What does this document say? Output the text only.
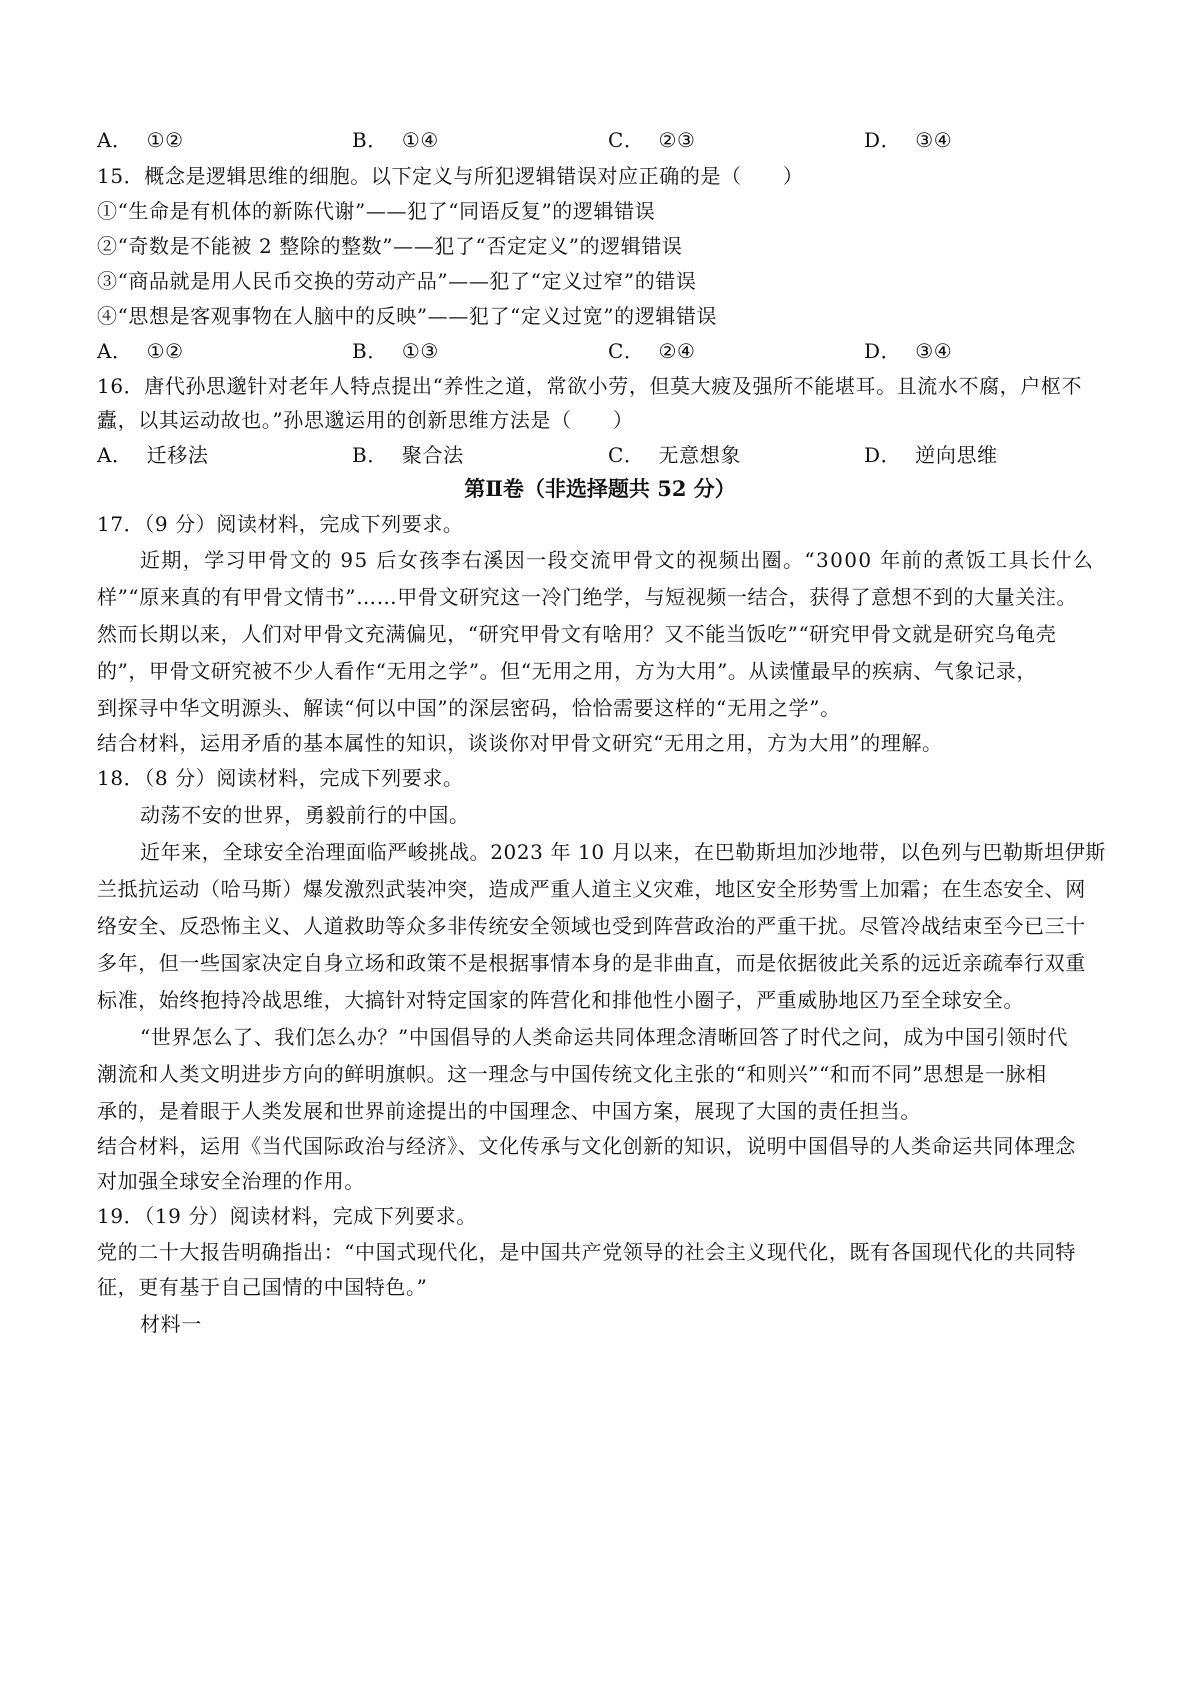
A． ①②	B． ①④	C． ②③	D． ③④
15．概念是逻辑思维的细胞。以下定义与所犯逻辑错误对应正确的是（　　）
①“生命是有机体的新陈代谢”——犯了“同语反复”的逻辑错误
②“奇数是不能被 2 整除的整数”——犯了“否定定义”的逻辑错误
③“商品就是用人民币交换的劳动产品”——犯了“定义过窄”的错误
④“思想是客观事物在人脑中的反映”——犯了“定义过宽”的逻辑错误
A． ①②	B． ①③	C． ②④	D． ③④
16．唐代孙思邈针对老年人特点提出“养性之道，常欲小劳，但莫大疲及强所不能堪耳。且流水不腐，户枢不
蠹，以其运动故也。”孙思邈运用的创新思维方法是（　　）
A． 迁移法	B． 聚合法	C． 无意想象	D． 逆向思维
第Ⅱ卷（非选择题共 52 分）
17．（9 分）阅读材料，完成下列要求。
近期，学习甲骨文的 95 后女孩李右溪因一段交流甲骨文的视频出圈。“3000 年前的煮饭工具长什么
样”“原来真的有甲骨文情书”……甲骨文研究这一冷门绝学，与短视频一结合，获得了意想不到的大量关注。
然而长期以来，人们对甲骨文充满偏见，“研究甲骨文有啥用？又不能当饭吃”“研究甲骨文就是研究乌龟壳
的”，甲骨文研究被不少人看作“无用之学”。但“无用之用，方为大用”。从读懂最早的疾病、气象记录，
到探寻中华文明源头、解读“何以中国”的深层密码，恰恰需要这样的“无用之学”。
结合材料，运用矛盾的基本属性的知识，谈谈你对甲骨文研究“无用之用，方为大用”的理解。
18．（8 分）阅读材料，完成下列要求。
动荡不安的世界，勇毅前行的中国。
近年来，全球安全治理面临严峻挑战。2023 年 10 月以来，在巴勒斯坦加沙地带，以色列与巴勒斯坦伊斯
兰抵抗运动（哈马斯）爆发激烈武装冲突，造成严重人道主义灾难，地区安全形势雪上加霜；在生态安全、网
络安全、反恐怖主义、人道救助等众多非传统安全领域也受到阵营政治的严重干扰。尽管冷战结束至今已三十
多年，但一些国家决定自身立场和政策不是根据事情本身的是非曲直，而是依据彼此关系的远近亲疏奉行双重
标准，始终抱持冷战思维，大搞针对特定国家的阵营化和排他性小圈子，严重威胁地区乃至全球安全。
“世界怎么了、我们怎么办？”中国倡导的人类命运共同体理念清晰回答了时代之问，成为中国引领时代
潮流和人类文明进步方向的鲜明旗帜。这一理念与中国传统文化主张的“和则兴”“和而不同”思想是一脉相
承的，是着眼于人类发展和世界前途提出的中国理念、中国方案，展现了大国的责任担当。
结合材料，运用《当代国际政治与经济》、文化传承与文化创新的知识，说明中国倡导的人类命运共同体理念
对加强全球安全治理的作用。
19．（19 分）阅读材料，完成下列要求。
党的二十大报告明确指出：“中国式现代化，是中国共产党领导的社会主义现代化，既有各国现代化的共同特
征，更有基于自己国情的中国特色。”
材料一
